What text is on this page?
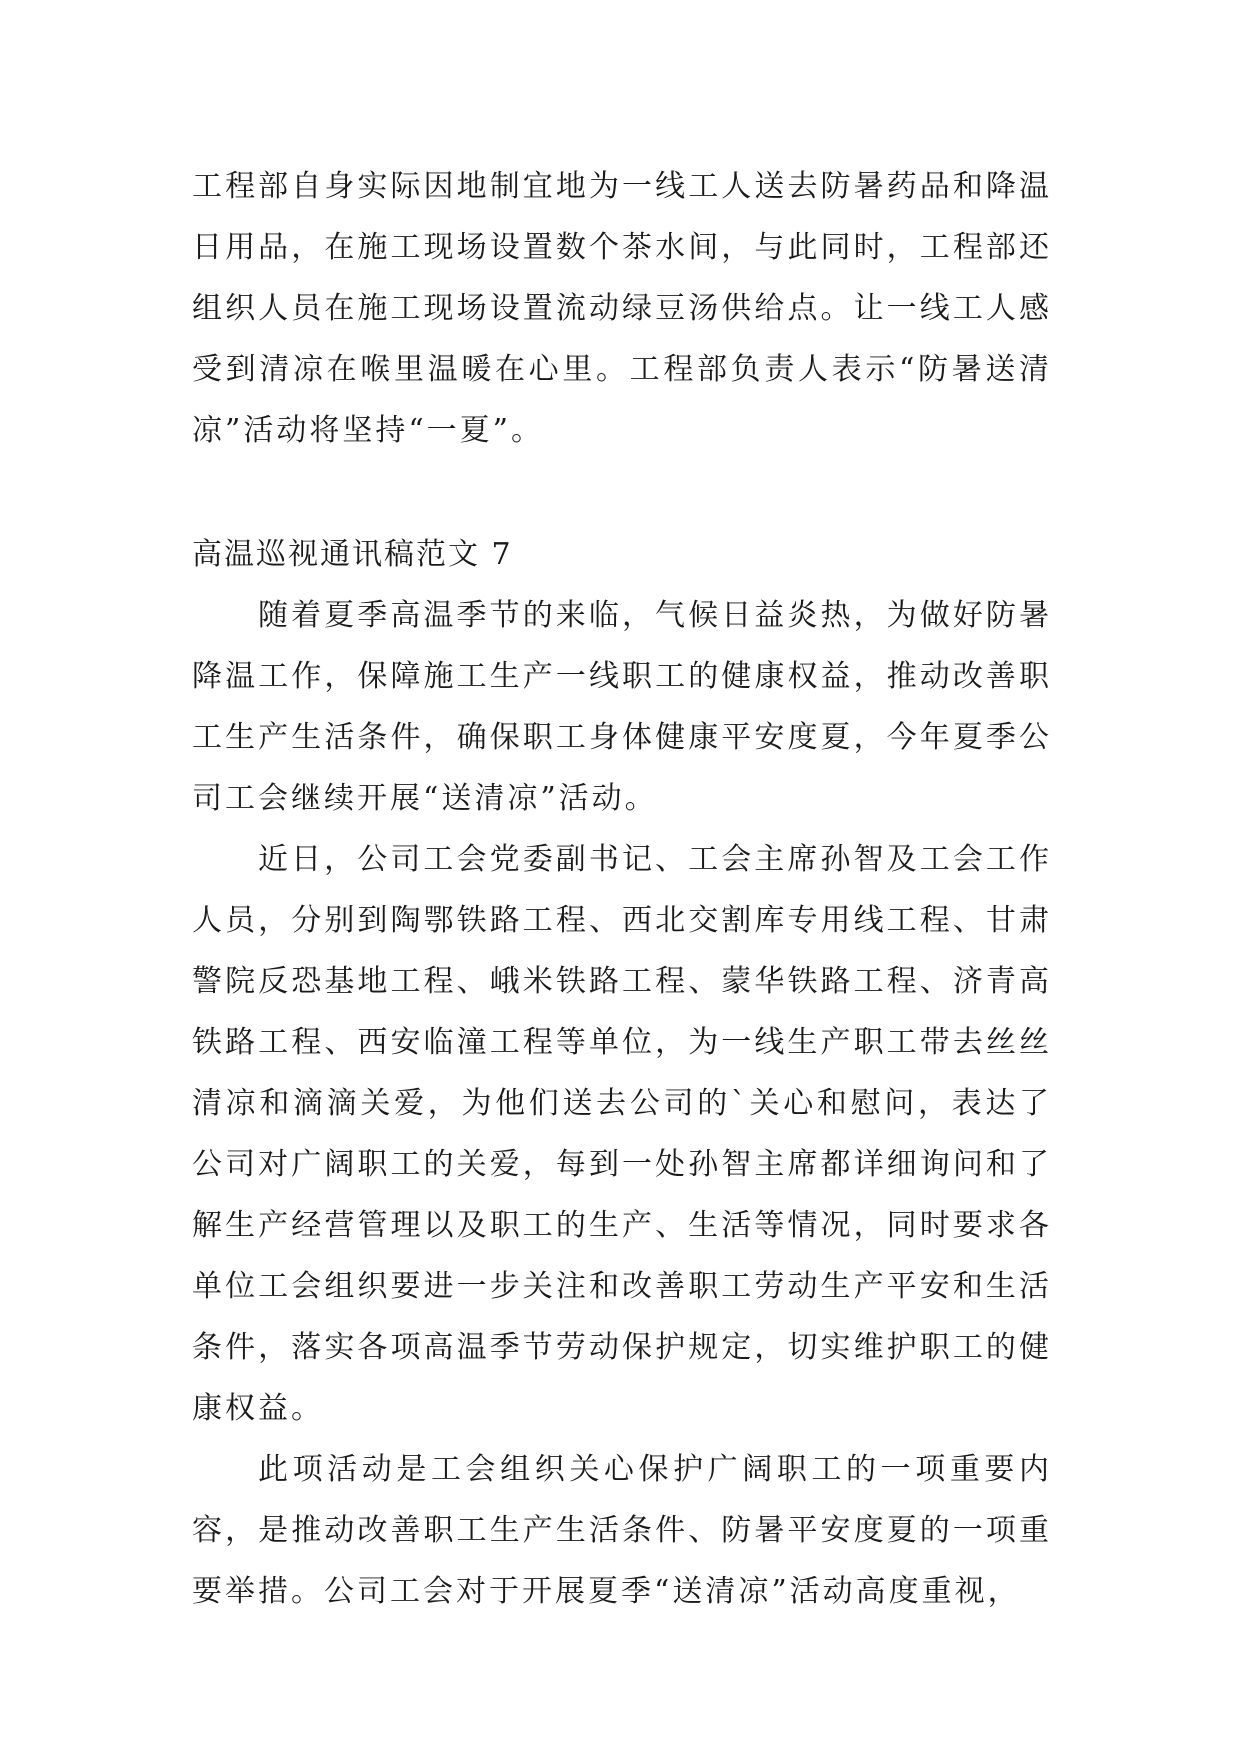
工程部自身实际因地制宜地为一线工人送去防暑药品和降温日用品，在施工现场设置数个茶水间，与此同时，工程部还组织人员在施工现场设置流动绿豆汤供给点。让一线工人感受到清凉在喉里温暖在心里。工程部负责人表示“防暑送清凉”活动将坚持“一夏”。

高温巡视通讯稿范文 7

随着夏季高温季节的来临，气候日益炎热，为做好防暑降温工作，保障施工生产一线职工的健康权益，推动改善职工生产生活条件，确保职工身体健康平安度夏，今年夏季公司工会继续开展“送清凉”活动。

近日，公司工会党委副书记、工会主席孙智及工会工作人员，分别到陶鄂铁路工程、西北交割库专用线工程、甘肃警院反恐基地工程、峨米铁路工程、蒙华铁路工程、济青高铁路工程、西安临潼工程等单位，为一线生产职工带去丝丝清凉和滴滴关爱，为他们送去公司的`关心和慰问，表达了公司对广阔职工的关爱，每到一处孙智主席都详细询问和了解生产经营管理以及职工的生产、生活等情况，同时要求各单位工会组织要进一步关注和改善职工劳动生产平安和生活条件，落实各项高温季节劳动保护规定，切实维护职工的健康权益。

此项活动是工会组织关心保护广阔职工的一项重要内容，是推动改善职工生产生活条件、防暑平安度夏的一项重要举措。公司工会对于开展夏季“送清凉”活动高度重视，
